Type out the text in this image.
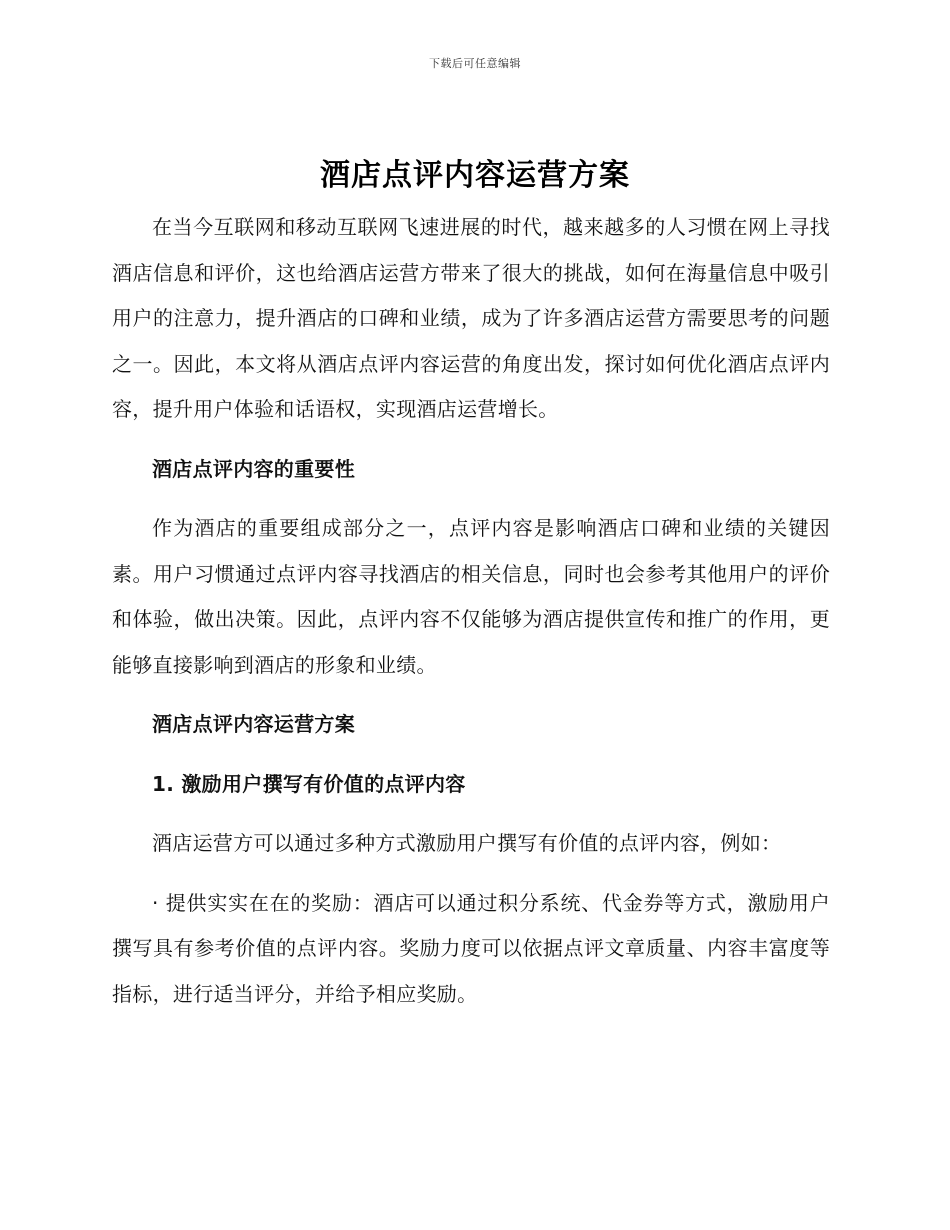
下载后可任意编辑
酒店点评内容运营方案

在当今互联网和移动互联网飞速进展的时代，越来越多的人习惯在网上寻找酒店信息和评价，这也给酒店运营方带来了很大的挑战，如何在海量信息中吸引用户的注意力，提升酒店的口碑和业绩，成为了许多酒店运营方需要思考的问题之一。因此，本文将从酒店点评内容运营的角度出发，探讨如何优化酒店点评内容，提升用户体验和话语权，实现酒店运营增长。

酒店点评内容的重要性

作为酒店的重要组成部分之一，点评内容是影响酒店口碑和业绩的关键因素。用户习惯通过点评内容寻找酒店的相关信息，同时也会参考其他用户的评价和体验，做出决策。因此，点评内容不仅能够为酒店提供宣传和推广的作用，更能够直接影响到酒店的形象和业绩。

酒店点评内容运营方案

1. 激励用户撰写有价值的点评内容

酒店运营方可以通过多种方式激励用户撰写有价值的点评内容，例如：

· 提供实实在在的奖励：酒店可以通过积分系统、代金券等方式，激励用户撰写具有参考价值的点评内容。奖励力度可以依据点评文章质量、内容丰富度等指标，进行适当评分，并给予相应奖励。
